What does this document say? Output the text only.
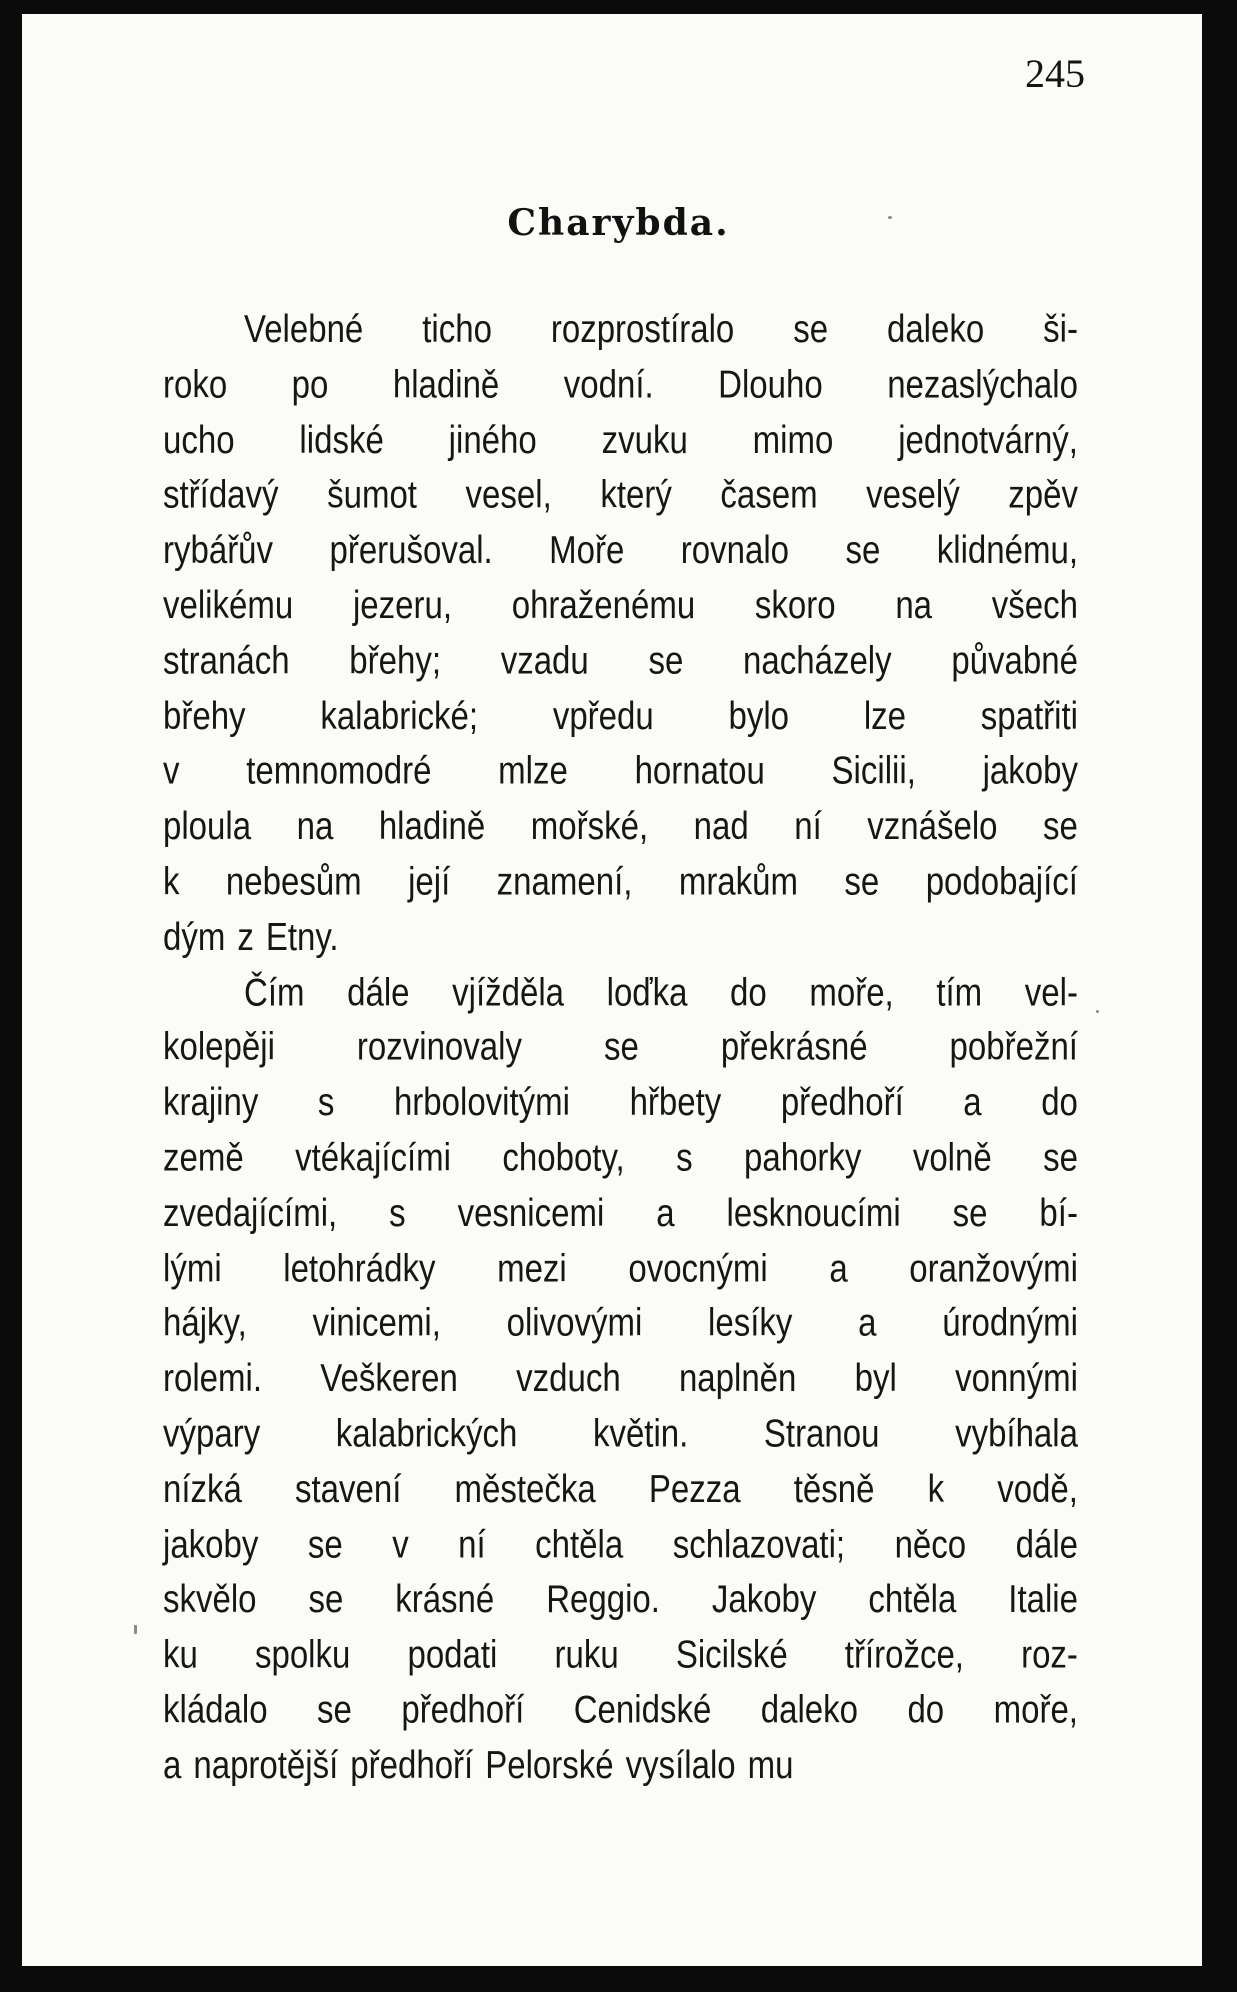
245
Charybda.
Velebné ticho rozprostíralo se daleko ši-
roko po hladině vodní. Dlouho nezaslýchalo
ucho lidské jiného zvuku mimo jednotvárný,
střídavý šumot vesel, který časem veselý zpěv
rybářův přerušoval. Moře rovnalo se klidnému,
velikému jezeru, ohraženému skoro na všech
stranách břehy; vzadu se nacházely půvabné
břehy kalabrické; vpředu bylo lze spatřiti
v temnomodré mlze hornatou Sicilii, jakoby
ploula na hladině mořské, nad ní vznášelo se
k nebesům její znamení, mrakům se podobající
dým z Etny.
Čím dále vjížděla loďka do moře, tím vel-
kolepěji rozvinovaly se překrásné pobřežní
krajiny s hrbolovitými hřbety předhoří a do
země vtékajícími choboty, s pahorky volně se
zvedajícími, s vesnicemi a lesknoucími se bí-
lými letohrádky mezi ovocnými a oranžovými
hájky, vinicemi, olivovými lesíky a úrodnými
rolemi. Veškeren vzduch naplněn byl vonnými
výpary kalabrických květin. Stranou vybíhala
nízká stavení městečka Pezza těsně k vodě,
jakoby se v ní chtěla schlazovati; něco dále
skvělo se krásné Reggio. Jakoby chtěla Italie
ku spolku podati ruku Sicilské třírožce, roz-
kládalo se předhoří Cenidské daleko do moře,
a naprotější předhoří Pelorské vysílalo mu
